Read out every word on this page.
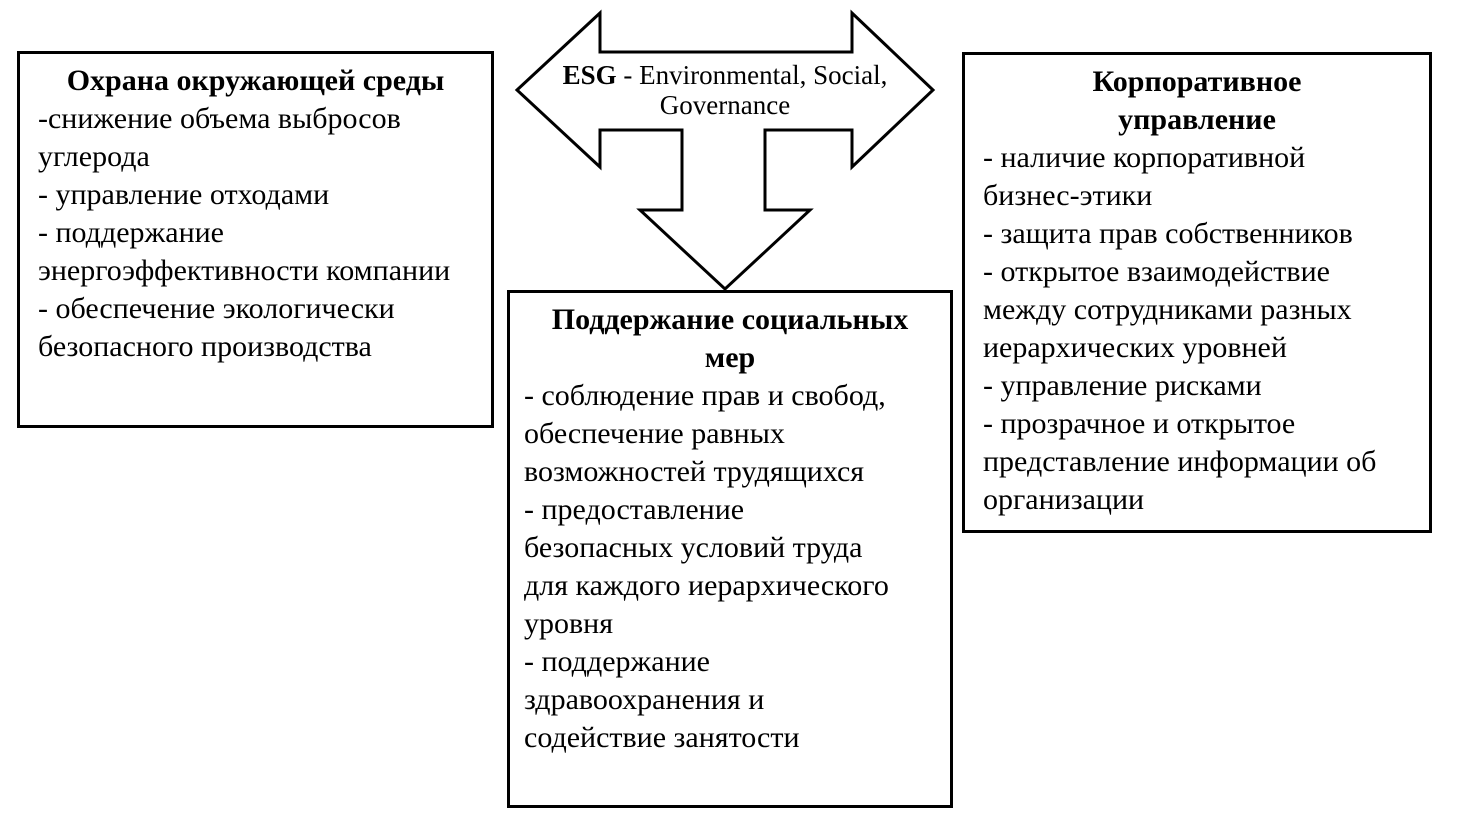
ESG - Environmental, Social,
Governance
Охрана окружающей среды
-снижение объема выбросов углерода
- управление отходами
- поддержание энергоэффективности компании
- обеспечение экологически безопасного производства
Поддержание социальных мер
- соблюдение прав и свобод, обеспечение равных возможностей трудящихся
- предоставление безопасных условий труда для каждого иерархического уровня
- поддержание здравоохранения и содействие занятости
Корпоративное управление
- наличие корпоративной бизнес-этики
- защита прав собственников
- открытое взаимодействие между сотрудниками разных иерархических уровней
- управление рисками
- прозрачное и открытое представление информации об организации
